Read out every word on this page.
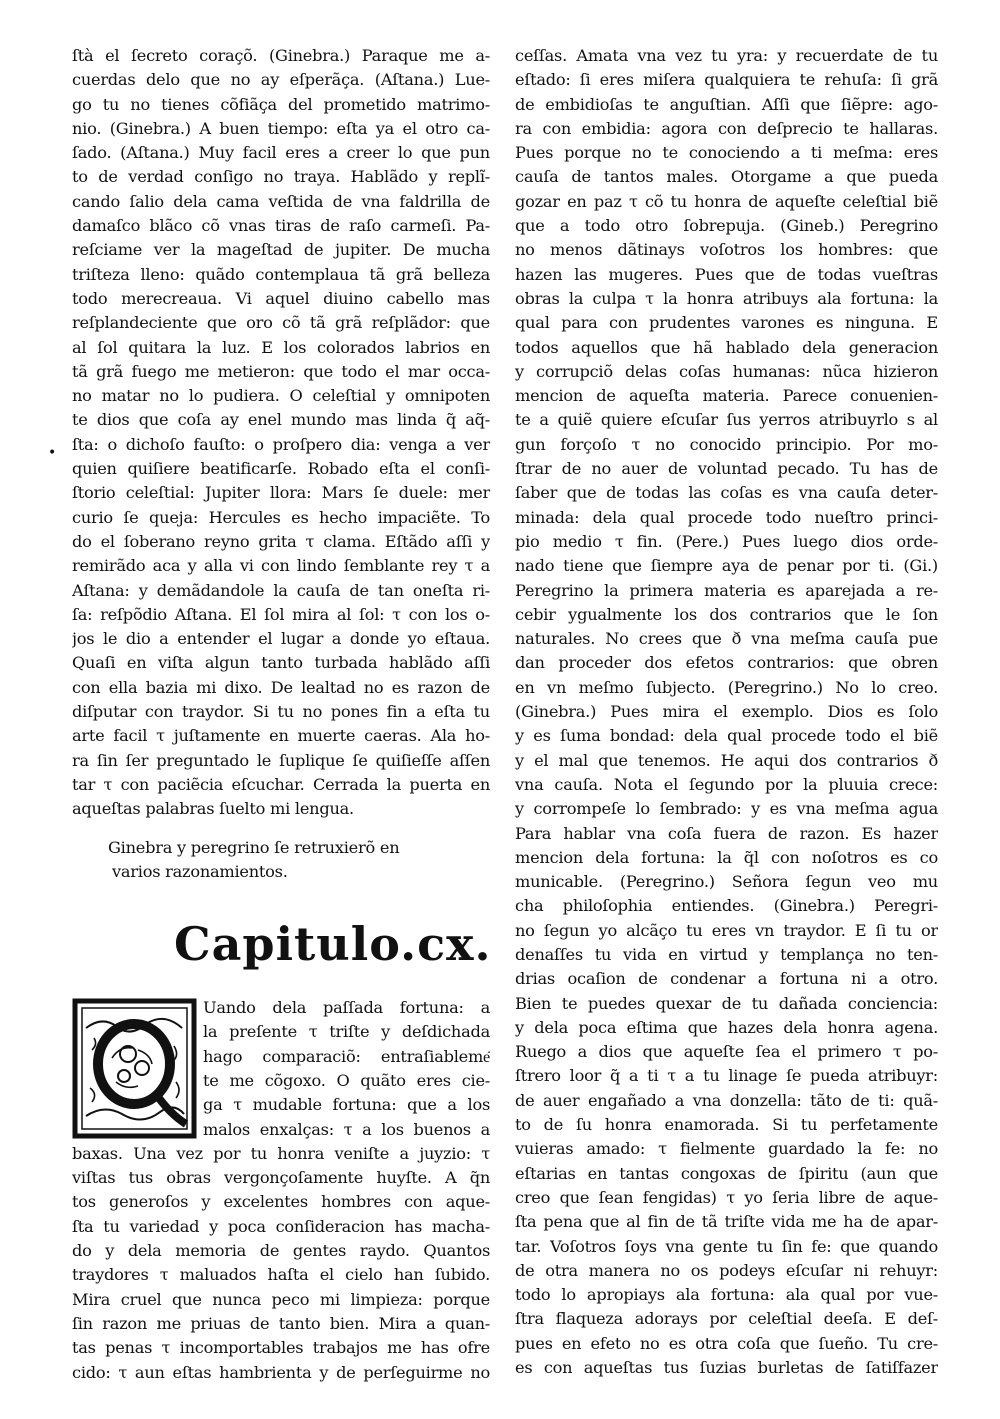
ſtà el ſecreto coraçõ. (Ginebra.) Paraque me a-
cuerdas delo que no ay eſperãça. (Aſtana.) Lue-
go tu no tienes cõfiãça del prometido matrimo-
nio. (Ginebra.) A buen tiempo: eſta ya el otro ca-
ſado. (Aſtana.) Muy facil eres a creer lo que pun
to de verdad conſigo no traya. Hablãdo y replĩ-
cando ſalio dela cama veſtida de vna faldrilla de
damaſco blãco cõ vnas tiras de raſo carmeſi. Pa-
reſciame ver la mageſtad de jupiter. De mucha
triſteza lleno: quãdo contemplaua tã grã belleza
todo merecreaua. Vi aquel diuino cabello mas
reſplandeciente que oro cõ tã grã reſplãdor: que
al ſol quitara la luz. E los colorados labrios en
tã grã fuego me metieron: que todo el mar occa-
no matar no lo pudiera. O celeſtial y omnipoten
te dios que coſa ay enel mundo mas linda q̃ aq̃-
ſta: o dichoſo fauſto: o proſpero dia: venga a ver
quien quiſiere beatificarſe. Robado eſta el conſi-
ſtorio celeſtial: Jupiter llora: Mars ſe duele: mer
curio ſe queja: Hercules es hecho impaciẽte. To
do el ſoberano reyno grita τ clama. Eſtãdo aſſi y
remirãdo aca y alla vi con lindo ſemblante rey τ a
Aſtana: y demãdandole la cauſa de tan oneſta ri-
ſa: reſpõdio Aſtana. El ſol mira al ſol: τ con los o-
jos le dio a entender el lugar a donde yo eſtaua.
Quaſi en viſta algun tanto turbada hablãdo aſſi
con ella bazia mi dixo. De lealtad no es razon de
diſputar con traydor. Si tu no pones fin a eſta tu
arte facil τ juſtamente en muerte caeras. Ala ho-
ra ſin ſer preguntado le ſuplique ſe quiſieſſe aſſen
tar τ con paciẽcia eſcuchar. Cerrada la puerta en
aqueſtas palabras ſuelto mi lengua.
Ginebra y peregrino ſe retruxierõ en
varios razonamientos.
Capitulo.cx.
Uando dela paſſada fortuna: a
la preſente τ triſte y deſdichada
hago comparaciõ: entraſiableme͂
te me cõgoxo. O quãto eres cie-
ga τ mudable fortuna: que a los
malos enxalças: τ a los buenos a
baxas. Una vez por tu honra veniſte a juyzio: τ
viſtas tus obras vergonçoſamente huyſte. A q̃n
tos generoſos y excelentes hombres con aque-
ſta tu variedad y poca conſideracion has macha-
do y dela memoria de gentes raydo. Quantos
traydores τ maluados haſta el cielo han ſubido.
Mira cruel que nunca peco mi limpieza: porque
ſin razon me priuas de tanto bien. Mira a quan-
tas penas τ incomportables trabajos me has ofre
cido: τ aun eſtas hambrienta y de perſeguirme no
•
ceſſas. Amata vna vez tu yra: y recuerdate de tu
eſtado: ſi eres miſera qualquiera te rehuſa: ſi grã
de embidioſas te anguſtian. Aſſi que ſiẽpre: ago-
ra con embidia: agora con deſprecio te hallaras.
Pues porque no te conociendo a ti meſma: eres
cauſa de tantos males. Otorgame a que pueda
gozar en paz τ cõ tu honra de aqueſte celeſtial biẽ
que a todo otro ſobrepuja. (Gineb.) Peregrino
no menos dãtinays voſotros los hombres: que
hazen las mugeres. Pues que de todas vueſtras
obras la culpa τ la honra atribuys ala fortuna: la
qual para con prudentes varones es ninguna. E
todos aquellos que hã hablado dela generacion
y corrupciõ delas coſas humanas: nũca hizieron
mencion de aqueſta materia. Parece conuenien-
te a quiẽ quiere eſcuſar ſus yerros atribuyrlo s al
gun forçoſo τ no conocido principio. Por mo-
ſtrar de no auer de voluntad pecado. Tu has de
ſaber que de todas las coſas es vna cauſa deter-
minada: dela qual procede todo nueſtro princi-
pio medio τ fin. (Pere.) Pues luego dios orde-
nado tiene que ſiempre aya de penar por ti. (Gi.)
Peregrino la primera materia es aparejada a re-
cebir ygualmente los dos contrarios que le ſon
naturales. No crees que ð vna meſma cauſa pue
dan proceder dos efetos contrarios: que obren
en vn meſmo ſubjecto. (Peregrino.) No lo creo.
(Ginebra.) Pues mira el exemplo. Dios es ſolo
y es ſuma bondad: dela qual procede todo el biẽ
y el mal que tenemos. He aqui dos contrarios ð
vna cauſa. Nota el ſegundo por la pluuia crece:
y corrompeſe lo ſembrado: y es vna meſma agua
Para hablar vna coſa fuera de razon. Es hazer
mencion dela fortuna: la q̃l con noſotros es co
municable. (Peregrino.) Señora ſegun veo mu
cha philoſophia entiendes. (Ginebra.) Peregri-
no ſegun yo alcãço tu eres vn traydor. E ſi tu or
denaſſes tu vida en virtud y templança no ten-
drias ocaſion de condenar a fortuna ni a otro.
Bien te puedes quexar de tu dañada conciencia:
y dela poca eſtima que hazes dela honra agena.
Ruego a dios que aqueſte ſea el primero τ po-
ſtrero loor q̃ a ti τ a tu linage ſe pueda atribuyr:
de auer engañado a vna donzella: tãto de ti: quã-
to de ſu honra enamorada. Si tu perfetamente
vuieras amado: τ fielmente guardado la fe: no
eſtarias en tantas congoxas de ſpiritu (aun que
creo que ſean fengidas) τ yo ſeria libre de aque-
ſta pena que al fin de tã triſte vida me ha de apar-
tar. Voſotros ſoys vna gente tu ſin fe: que quando
de otra manera no os podeys eſcuſar ni rehuyr:
todo lo apropiays ala fortuna: ala qual por vue-
ſtra flaqueza adorays por celeſtial deeſa. E deſ-
pues en efeto no es otra coſa que ſueño. Tu cre-
es con aqueſtas tus ſuzias burletas de ſatiſfazer
